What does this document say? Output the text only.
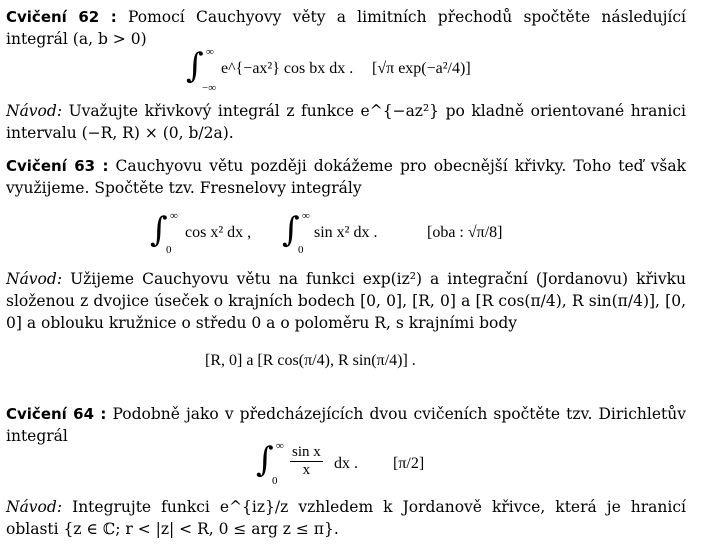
Cvičení 62 : Pomocí Cauchyovy věty a limitních přechodů spočtěte následující integrál (a, b > 0)
∫ ∞
−∞
e^{−ax²} cos bx dx . [√π exp(−a²/4)]
Návod: Uvažujte křivkový integrál z funkce e^{−az²} po kladně orientované hranici intervalu (−R, R) × (0, b/2a).
Cvičení 63 : Cauchyovu větu později dokážeme pro obecnější křivky. Toho teď však využijeme. Spočtěte tzv. Fresnelovy integrály
∫ ∞
0
cos x² dx , ∫ ∞
0
sin x² dx .	[oba : √π/8]
Návod: Užijeme Cauchyovu větu na funkci exp(iz²) a integrační (Jordanovu) křivku složenou z dvojice úseček o krajních bodech [0, 0], [R, 0] a [R cos(π/4), R sin(π/4)], [0, 0] a oblouku kružnice o středu 0 a o poloměru R, s krajními body
[R, 0] a [R cos(π/4), R sin(π/4)] .
Cvičení 64 : Podobně jako v předcházejících dvou cvičeních spočtěte tzv. Dirichletův integrál
∫ ∞
0
$\frac{\text{sin x}}{x}$ dx . [π/2]
Návod: Integrujte funkci e^{iz}/z vzhledem k Jordanově křivce, která je hranicí oblasti {z ∈ ℂ; r < |z| < R, 0 ≤ arg z ≤ π}.
